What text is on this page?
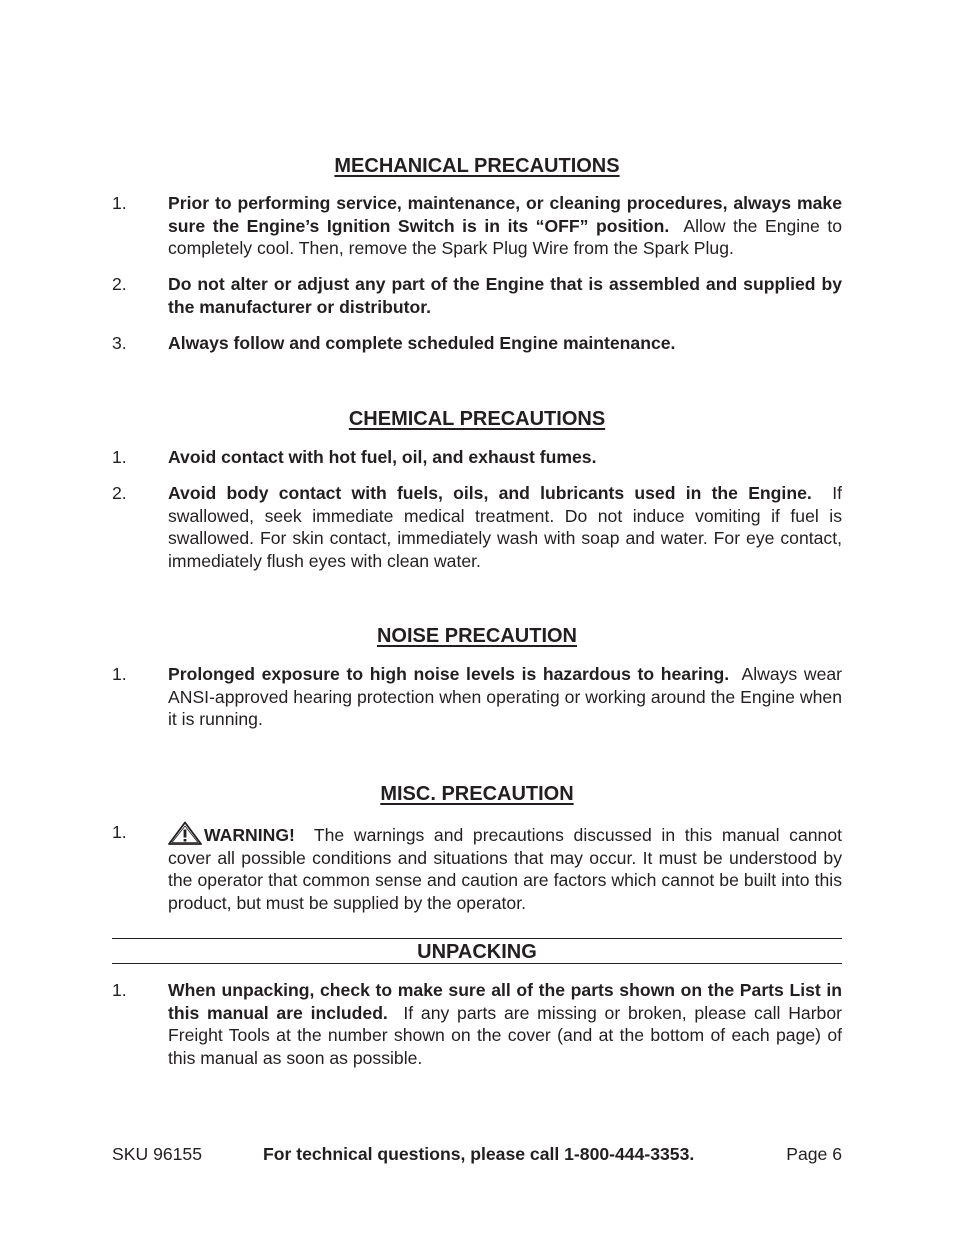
MECHANICAL PRECAUTIONS
1.	Prior to performing service, maintenance, or cleaning procedures, always make sure the Engine’s Ignition Switch is in its “OFF” position. Allow the Engine to completely cool. Then, remove the Spark Plug Wire from the Spark Plug.

2.	Do not alter or adjust any part of the Engine that is assembled and supplied by the manufacturer or distributor.

3.	Always follow and complete scheduled Engine maintenance.

CHEMICAL PRECAUTIONS
1.	Avoid contact with hot fuel, oil, and exhaust fumes.

2.	Avoid body contact with fuels, oils, and lubricants used in the Engine. If swallowed, seek immediate medical treatment. Do not induce vomiting if fuel is swallowed. For skin contact, immediately wash with soap and water. For eye contact, immediately flush eyes with clean water.

NOISE PRECAUTION
1.	Prolonged exposure to high noise levels is hazardous to hearing. Always wear ANSI-approved hearing protection when operating or working around the Engine when it is running.

MISC. PRECAUTION
1.	WARNING! The warnings and precautions discussed in this manual cannot cover all possible conditions and situations that may occur. It must be understood by the operator that common sense and caution are factors which cannot be built into this product, but must be supplied by the operator.

UNPACKING
1.	When unpacking, check to make sure all of the parts shown on the Parts List in this manual are included. If any parts are missing or broken, please call Harbor Freight Tools at the number shown on the cover (and at the bottom of each page) of this manual as soon as possible.

SKU 96155	For technical questions, please call 1-800-444-3353.	Page 6
